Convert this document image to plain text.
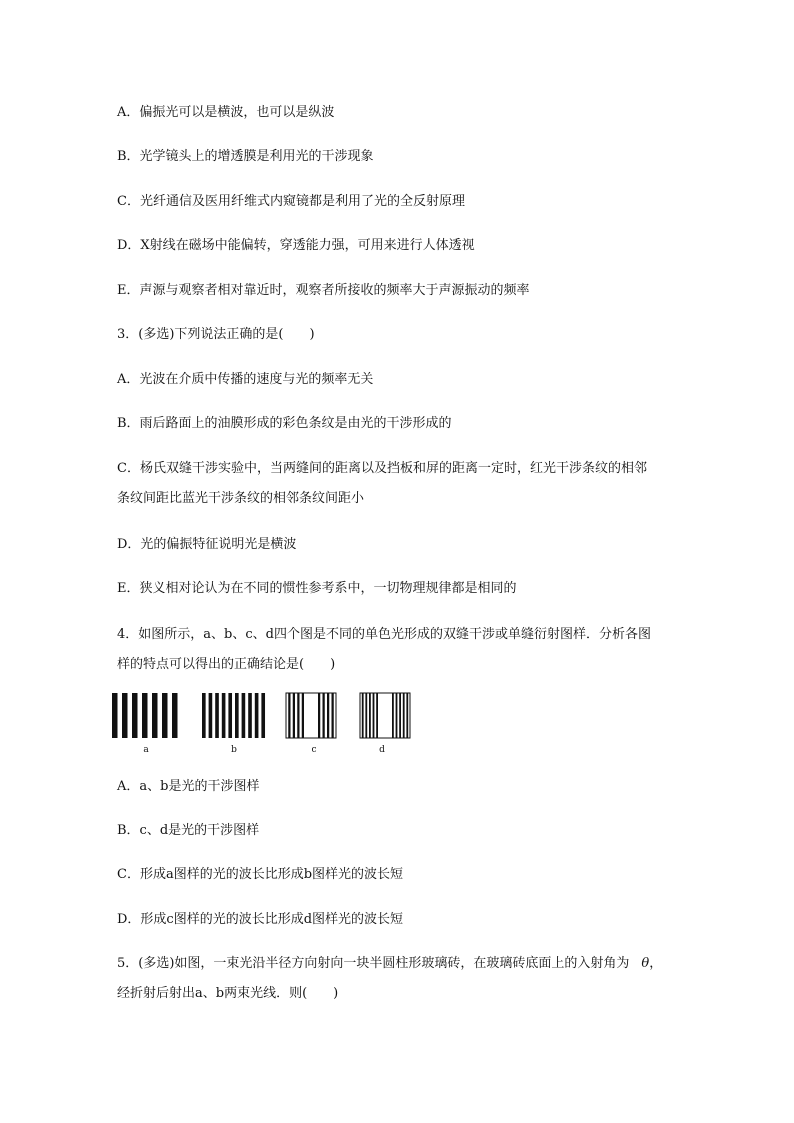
A．偏振光可以是横波，也可以是纵波
B．光学镜头上的增透膜是利用光的干涉现象
C．光纤通信及医用纤维式内窥镜都是利用了光的全反射原理
D．X射线在磁场中能偏转，穿透能力强，可用来进行人体透视
E．声源与观察者相对靠近时，观察者所接收的频率大于声源振动的频率
3．(多选)下列说法正确的是(　　)
A．光波在介质中传播的速度与光的频率无关
B．雨后路面上的油膜形成的彩色条纹是由光的干涉形成的
C．杨氏双缝干涉实验中，当两缝间的距离以及挡板和屏的距离一定时，红光干涉条纹的相邻
条纹间距比蓝光干涉条纹的相邻条纹间距小
D．光的偏振特征说明光是横波
E．狭义相对论认为在不同的惯性参考系中，一切物理规律都是相同的
4．如图所示，a、b、c、d四个图是不同的单色光形成的双缝干涉或单缝衍射图样．分析各图
样的特点可以得出的正确结论是(　　)
a	b	c	d
A．a、b是光的干涉图样
B．c、d是光的干涉图样
C．形成a图样的光的波长比形成b图样光的波长短
D．形成c图样的光的波长比形成d图样光的波长短
5．(多选)如图，一束光沿半径方向射向一块半圆柱形玻璃砖，在玻璃砖底面上的入射角为 θ，
经折射后射出a、b两束光线．则(　　)
